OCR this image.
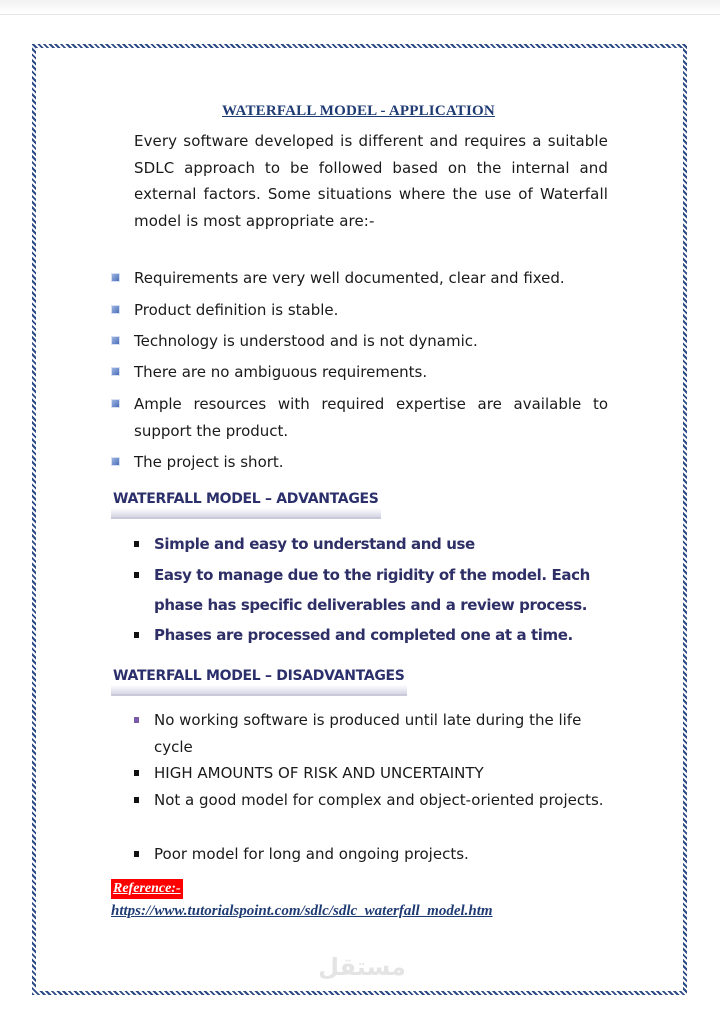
WATERFALL MODEL - APPLICATION
Every software developed is different and requires a suitable SDLC approach to be followed based on the internal and external factors. Some situations where the use of Waterfall model is most appropriate are:-
Requirements are very well documented, clear and fixed.
Product definition is stable.
Technology is understood and is not dynamic.
There are no ambiguous requirements.
Ample resources with required expertise are available to support the product.
The project is short.
WATERFALL MODEL – ADVANTAGES
Simple and easy to understand and use
Easy to manage due to the rigidity of the model. Each phase has specific deliverables and a review process.
Phases are processed and completed one at a time.
WATERFALL MODEL – DISADVANTAGES
No working software is produced until late during the life cycle
HIGH AMOUNTS OF RISK AND UNCERTAINTY
Not a good model for complex and object-oriented projects.
Poor model for long and ongoing projects.
Reference:-
https://www.tutorialspoint.com/sdlc/sdlc_waterfall_model.htm
مستقل
